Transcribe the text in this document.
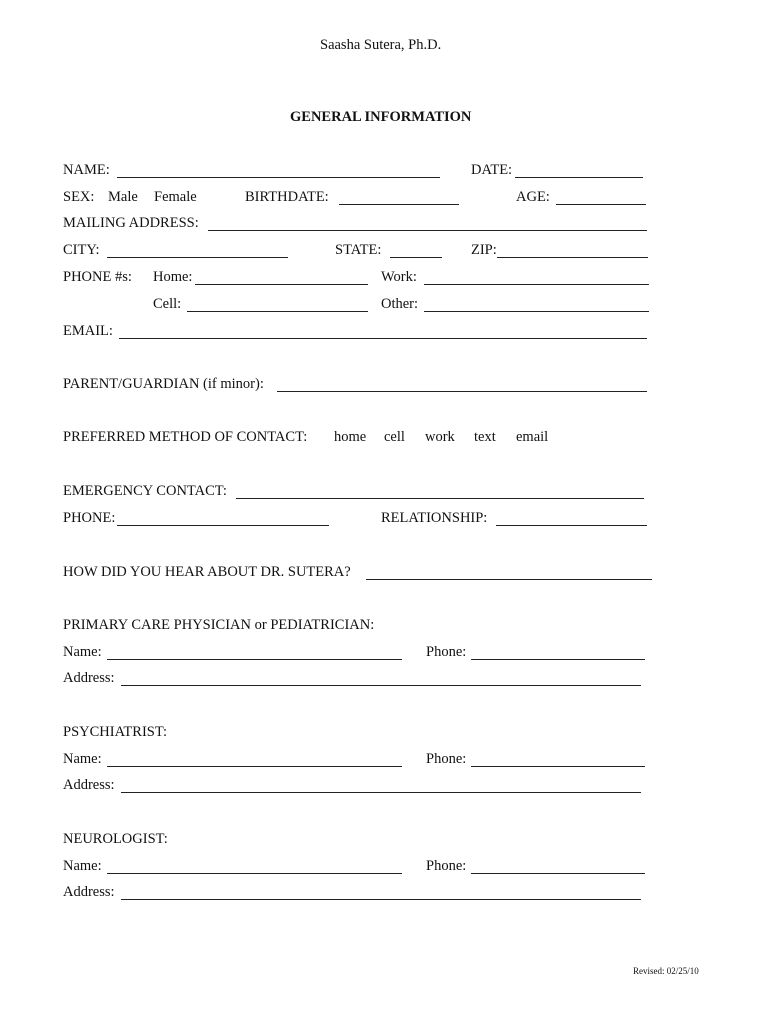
Saasha Sutera, Ph.D.
GENERAL INFORMATION
NAME:	DATE:
SEX: Male Female	BIRTHDATE:	AGE:
MAILING ADDRESS:
CITY:	STATE:	ZIP:
PHONE #s: Home:	Work:
Cell:	Other:
EMAIL:
PARENT/GUARDIAN (if minor):
PREFERRED METHOD OF CONTACT: home cell work text email
EMERGENCY CONTACT:
PHONE:	RELATIONSHIP:
HOW DID YOU HEAR ABOUT DR. SUTERA?
PRIMARY CARE PHYSICIAN or PEDIATRICIAN:
Name:	Phone:
Address:
PSYCHIATRIST:
Name:	Phone:
Address:
NEUROLOGIST:
Name:	Phone:
Address:
Revised: 02/25/10
